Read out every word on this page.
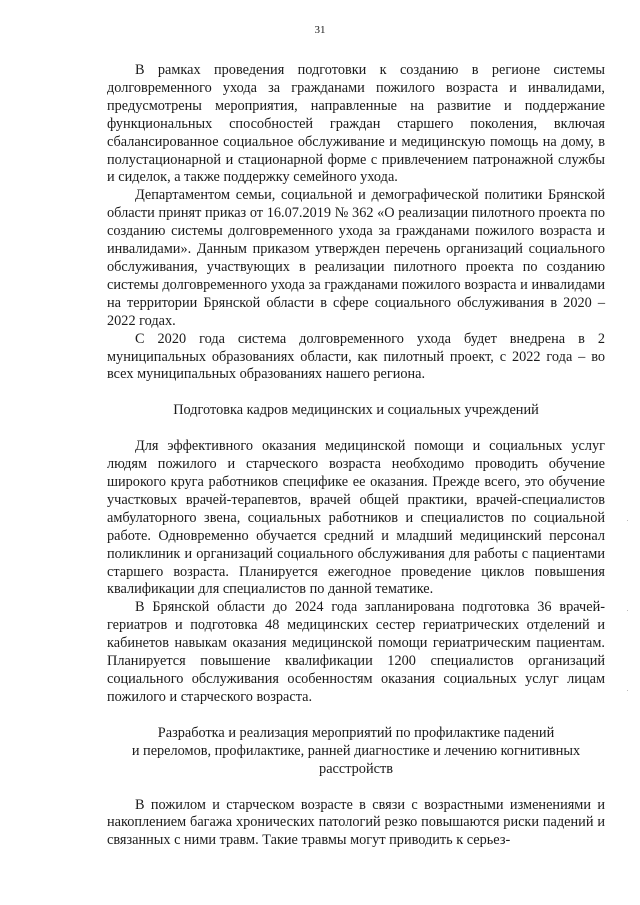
31

В рамках проведения подготовки к созданию в регионе системы долговременного ухода за гражданами пожилого возраста и инвалидами, предусмотрены мероприятия, направленные на развитие и поддержание функциональных способностей граждан старшего поколения, включая сбалансированное социальное обслуживание и медицинскую помощь на дому, в полустационарной и стационарной форме с привлечением патронажной службы и сиделок, а также поддержку семейного ухода.

Департаментом семьи, социальной и демографической политики Брянской области принят приказ от 16.07.2019 № 362 «О реализации пилотного проекта по созданию системы долговременного ухода за гражданами пожилого возраста и инвалидами». Данным приказом утвержден перечень организаций социального обслуживания, участвующих в реализации пилотного проекта по созданию системы долговременного ухода за гражданами пожилого возраста и инвалидами на территории Брянской области в сфере социального обслуживания в 2020 – 2022 годах.

С 2020 года система долговременного ухода будет внедрена в 2 муниципальных образованиях области, как пилотный проект, с 2022 года – во всех муниципальных образованиях нашего региона.

Подготовка кадров медицинских и социальных учреждений

Для эффективного оказания медицинской помощи и социальных услуг людям пожилого и старческого возраста необходимо проводить обучение широкого круга работников специфике ее оказания. Прежде всего, это обучение участковых врачей-терапевтов, врачей общей практики, врачей-специалистов амбулаторного звена, социальных работников и специалистов по социальной работе. Одновременно обучается средний и младший медицинский персонал поликлиник и организаций социального обслуживания для работы с пациентами старшего возраста. Планируется ежегодное проведение циклов повышения квалификации для специалистов по данной тематике.

В Брянской области до 2024 года запланирована подготовка 36 врачей-гериатров и подготовка 48 медицинских сестер гериатрических отделений и кабинетов навыкам оказания медицинской помощи гериатрическим пациентам. Планируется повышение квалификации 1200 специалистов организаций социального обслуживания особенностям оказания социальных услуг лицам пожилого и старческого возраста.

Разработка и реализация мероприятий по профилактике падений
и переломов, профилактике, ранней диагностике и лечению когнитивных
расстройств

В пожилом и старческом возрасте в связи с возрастными изменениями и накоплением багажа хронических патологий резко повышаются риски падений и связанных с ними травм. Такие травмы могут приводить к серьез-
